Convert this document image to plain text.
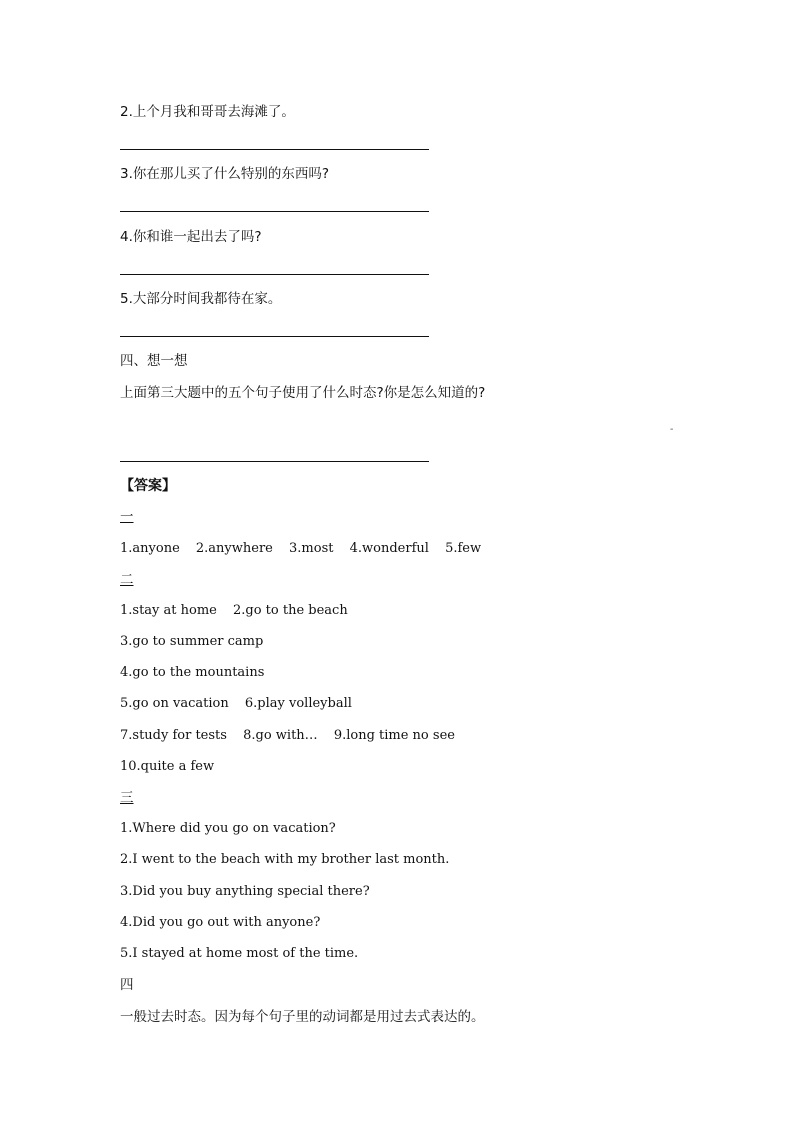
2.上个月我和哥哥去海滩了。
3.你在那儿买了什么特别的东西吗?
4.你和谁一起出去了吗?
5.大部分时间我都待在家。
四、想一想
上面第三大题中的五个句子使用了什么时态?你是怎么知道的?
-
【答案】
一
1.anyone 2.anywhere 3.most 4.wonderful 5.few
二
1.stay at home 2.go to the beach
3.go to summer camp
4.go to the mountains
5.go on vacation 6.play volleyball
7.study for tests 8.go with… 9.long time no see
10.quite a few
三
1.Where did you go on vacation?
2.I went to the beach with my brother last month.
3.Did you buy anything special there?
4.Did you go out with anyone?
5.I stayed at home most of the time.
四
一般过去时态。因为每个句子里的动词都是用过去式表达的。
